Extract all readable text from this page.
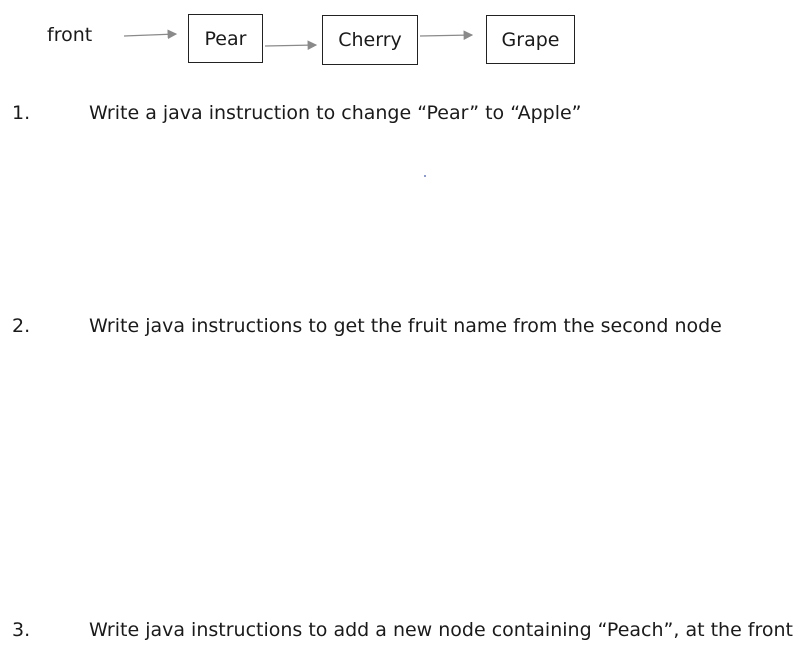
front	Pear	Cherry	Grape
1.	Write a java instruction to change “Pear” to “Apple”
2.	Write java instructions to get the fruit name from the second node
3.	Write java instructions to add a new node containing “Peach”, at the front
